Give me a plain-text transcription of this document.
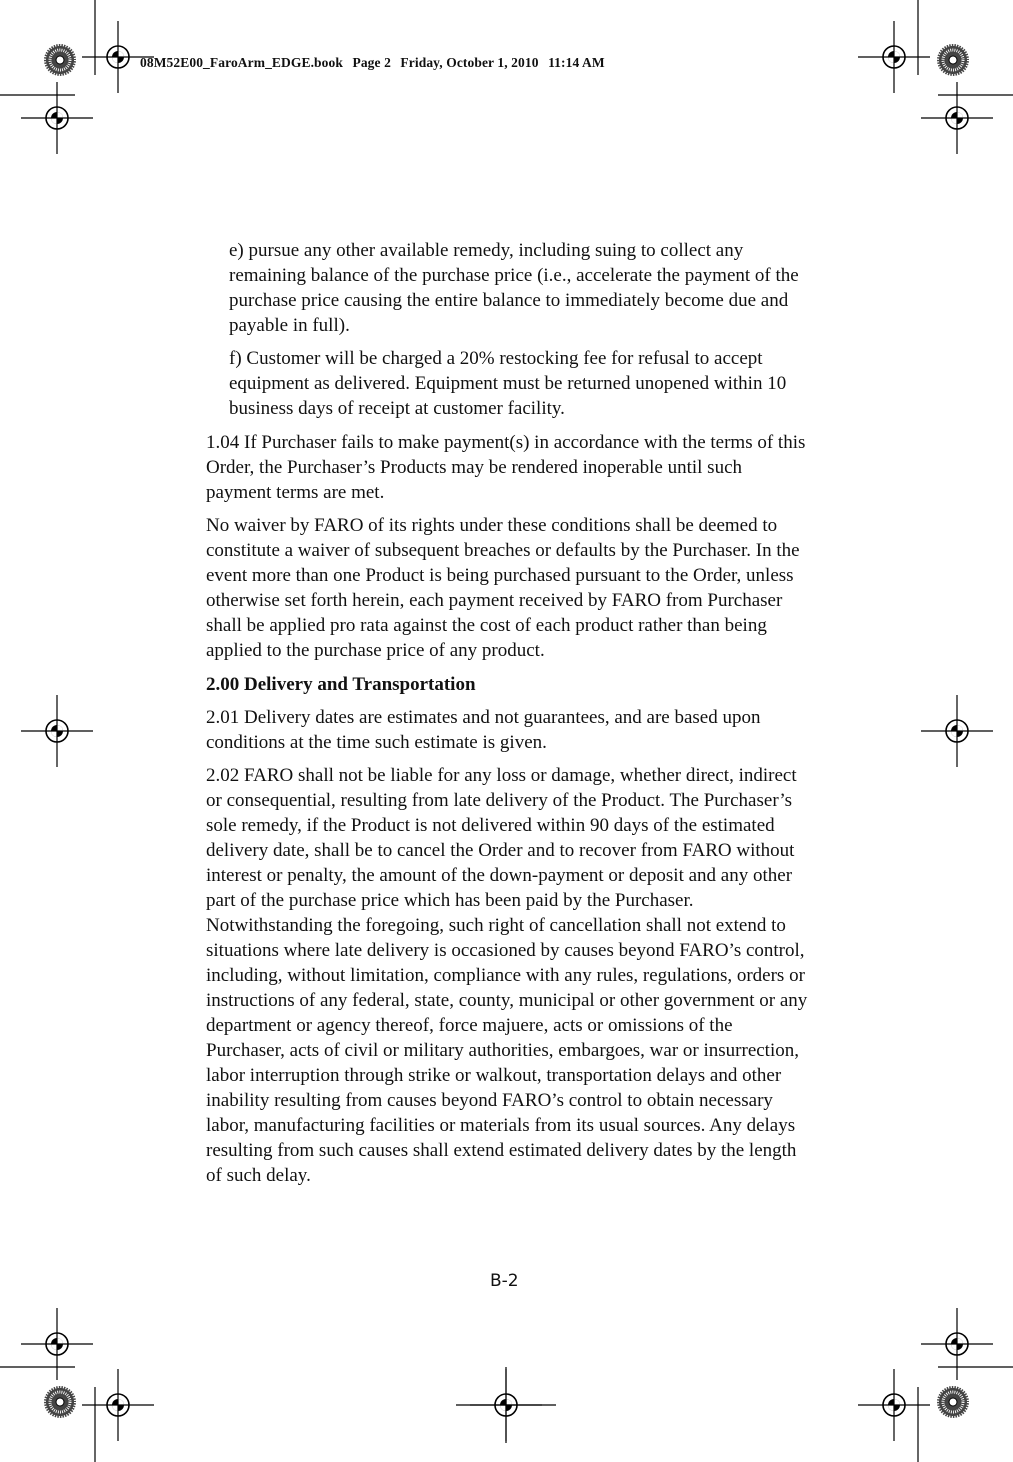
08M52E00_FaroArm_EDGE.book Page 2 Friday, October 1, 2010 11:14 AM

e) pursue any other available remedy, including suing to collect any remaining balance of the purchase price (i.e., accelerate the payment of the purchase price causing the entire balance to immediately become due and payable in full).

f) Customer will be charged a 20% restocking fee for refusal to accept equipment as delivered. Equipment must be returned unopened within 10 business days of receipt at customer facility.

1.04 If Purchaser fails to make payment(s) in accordance with the terms of this Order, the Purchaser’s Products may be rendered inoperable until such payment terms are met.

No waiver by FARO of its rights under these conditions shall be deemed to constitute a waiver of subsequent breaches or defaults by the Purchaser. In the event more than one Product is being purchased pursuant to the Order, unless otherwise set forth herein, each payment received by FARO from Purchaser shall be applied pro rata against the cost of each product rather than being applied to the purchase price of any product.

2.00 Delivery and Transportation

2.01 Delivery dates are estimates and not guarantees, and are based upon conditions at the time such estimate is given.

2.02 FARO shall not be liable for any loss or damage, whether direct, indirect or consequential, resulting from late delivery of the Product. The Purchaser’s sole remedy, if the Product is not delivered within 90 days of the estimated delivery date, shall be to cancel the Order and to recover from FARO without interest or penalty, the amount of the down-payment or deposit and any other part of the purchase price which has been paid by the Purchaser. Notwithstanding the foregoing, such right of cancellation shall not extend to situations where late delivery is occasioned by causes beyond FARO’s control, including, without limitation, compliance with any rules, regulations, orders or instructions of any federal, state, county, municipal or other government or any department or agency thereof, force majuere, acts or omissions of the Purchaser, acts of civil or military authorities, embargoes, war or insurrection, labor interruption through strike or walkout, transportation delays and other inability resulting from causes beyond FARO’s control to obtain necessary labor, manufacturing facilities or materials from its usual sources. Any delays resulting from such causes shall extend estimated delivery dates by the length of such delay.

B-2
